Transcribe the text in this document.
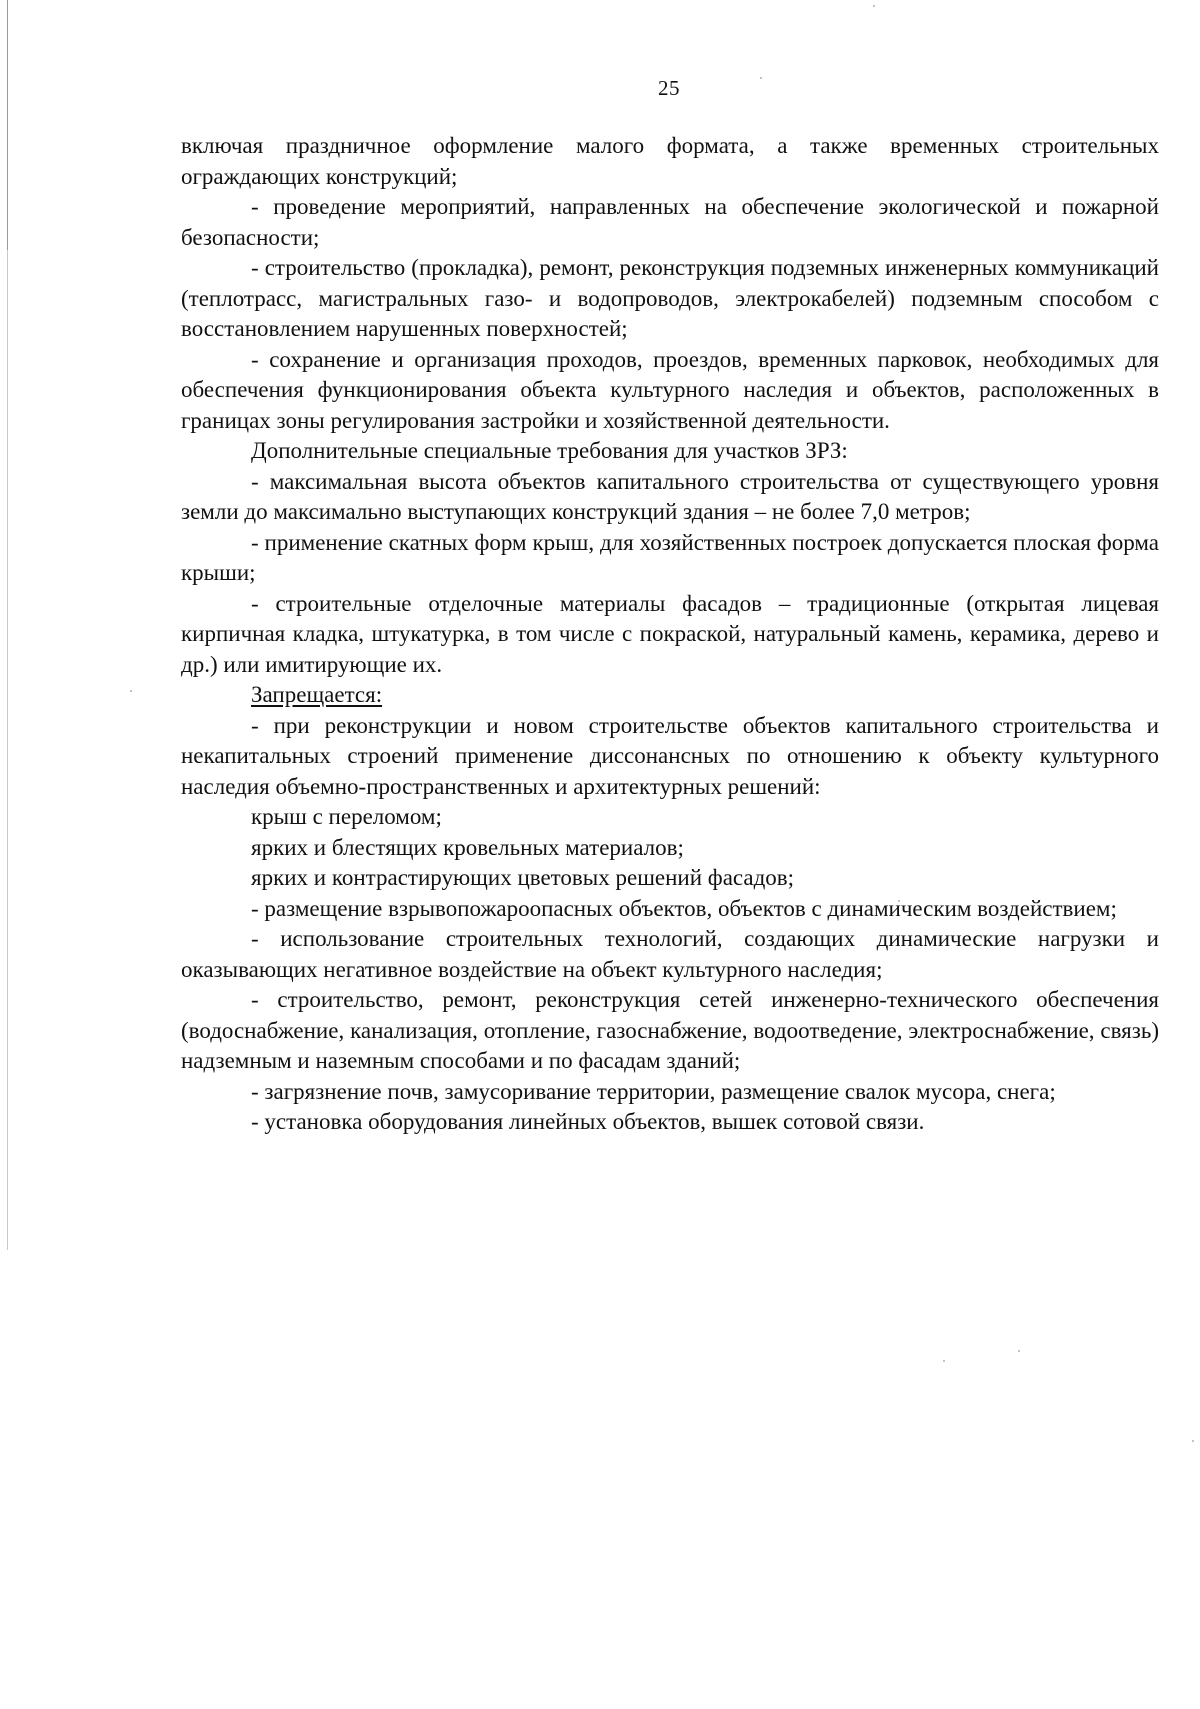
25

включая праздничное оформление малого формата, а также временных строительных ограждающих конструкций;

- проведение мероприятий, направленных на обеспечение экологической и пожарной безопасности;

- строительство (прокладка), ремонт, реконструкция подземных инженерных коммуникаций (теплотрасс, магистральных газо- и водопроводов, электрокабелей) подземным способом с восстановлением нарушенных поверхностей;

- сохранение и организация проходов, проездов, временных парковок, необходимых для обеспечения функционирования объекта культурного наследия и объектов, расположенных в границах зоны регулирования застройки и хозяйственной деятельности.

Дополнительные специальные требования для участков ЗРЗ:

- максимальная высота объектов капитального строительства от существующего уровня земли до максимально выступающих конструкций здания – не более 7,0 метров;

- применение скатных форм крыш, для хозяйственных построек допускается плоская форма крыши;

- строительные отделочные материалы фасадов – традиционные (открытая лицевая кирпичная кладка, штукатурка, в том числе с покраской, натуральный камень, керамика, дерево и др.) или имитирующие их.

Запрещается:

- при реконструкции и новом строительстве объектов капитального строительства и некапитальных строений применение диссонансных по отношению к объекту культурного наследия объемно-пространственных и архитектурных решений:

крыш с переломом;

ярких и блестящих кровельных материалов;

ярких и контрастирующих цветовых решений фасадов;

- размещение взрывопожароопасных объектов, объектов с динамическим воздействием;

- использование строительных технологий, создающих динамические нагрузки и оказывающих негативное воздействие на объект культурного наследия;

- строительство, ремонт, реконструкция сетей инженерно-технического обеспечения (водоснабжение, канализация, отопление, газоснабжение, водоотведение, электроснабжение, связь) надземным и наземным способами и по фасадам зданий;

- загрязнение почв, замусоривание территории, размещение свалок мусора, снега;

- установка оборудования линейных объектов, вышек сотовой связи.
